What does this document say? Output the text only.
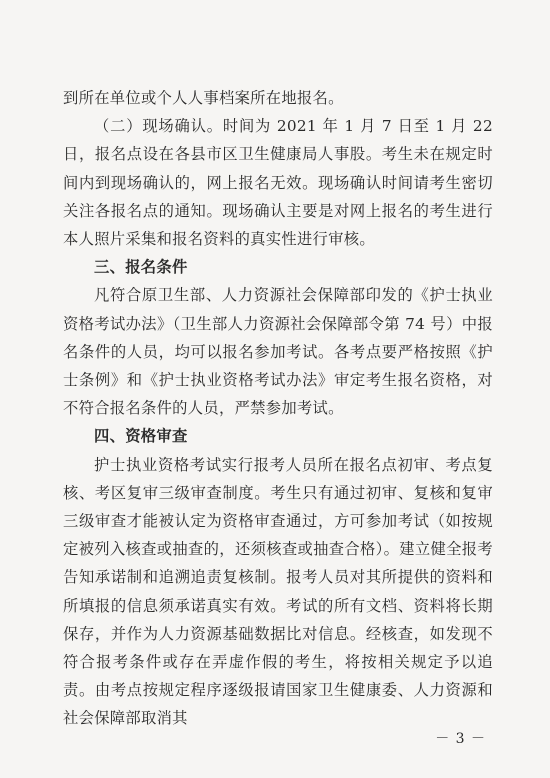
到所在单位或个人人事档案所在地报名。

（二）现场确认。时间为 2021 年 1 月 7 日至 1 月 22 日，报名点设在各县市区卫生健康局人事股。考生未在规定时间内到现场确认的，网上报名无效。现场确认时间请考生密切关注各报名点的通知。现场确认主要是对网上报名的考生进行本人照片采集和报名资料的真实性进行审核。

三、报名条件

凡符合原卫生部、人力资源社会保障部印发的《护士执业资格考试办法》（卫生部人力资源社会保障部令第 74 号）中报名条件的人员，均可以报名参加考试。各考点要严格按照《护士条例》和《护士执业资格考试办法》审定考生报名资格，对不符合报名条件的人员，严禁参加考试。

四、资格审查

护士执业资格考试实行报考人员所在报名点初审、考点复核、考区复审三级审查制度。考生只有通过初审、复核和复审三级审查才能被认定为资格审查通过，方可参加考试（如按规定被列入核查或抽查的，还须核查或抽查合格）。建立健全报考告知承诺制和追溯追责复核制。报考人员对其所提供的资料和所填报的信息须承诺真实有效。考试的所有文档、资料将长期保存，并作为人力资源基础数据比对信息。经核查，如发现不符合报考条件或存在弄虚作假的考生，将按相关规定予以追责。由考点按规定程序逐级报请国家卫生健康委、人力资源和社会保障部取消其

－ 3 －
